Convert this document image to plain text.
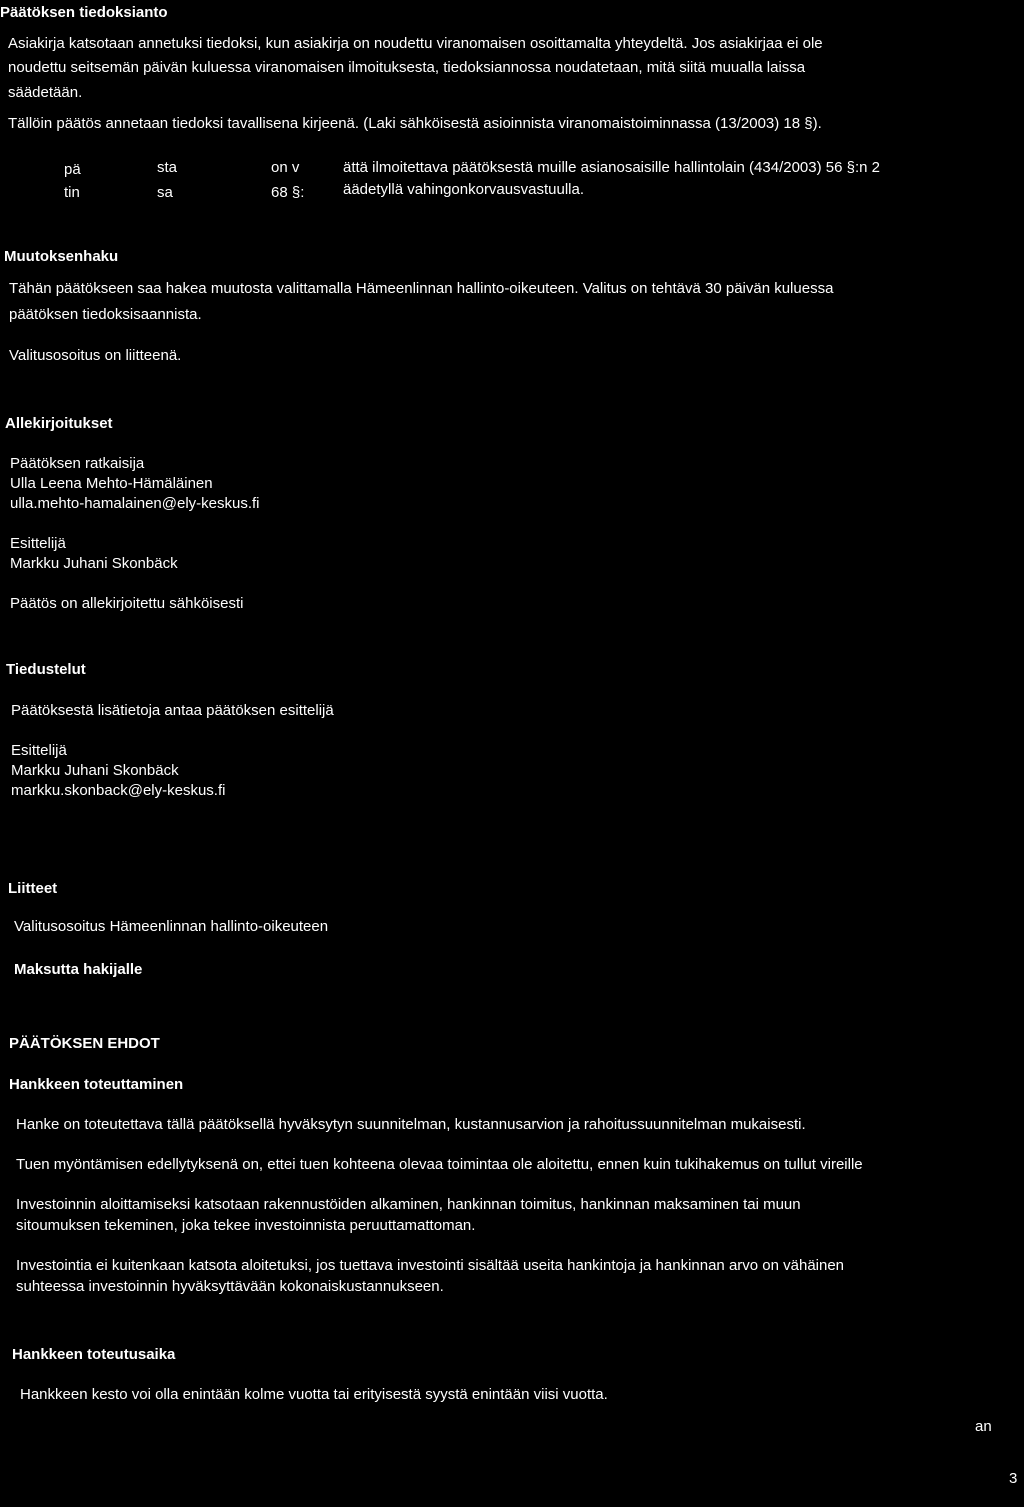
Päätöksen tiedoksianto
Asiakirja katsotaan annetuksi tiedoksi, kun asiakirja on noudettu viranomaisen osoittamalta yhteydeltä. Jos asiakirjaa ei ole
noudettu seitsemän päivän kuluessa viranomaisen ilmoituksesta, tiedoksiannossa noudatetaan, mitä siitä muualla laissa
säädetään.
Tällöin päätös annetaan tiedoksi tavallisena kirjeenä. (Laki sähköisestä asioinnista viranomaistoiminnassa (13/2003) 18 §).
pä	sta	on v	ättä ilmoitettava päätöksestä muille asianosaisille hallintolain (434/2003) 56 §:n 2
tin	sa	68 §:	äädetyllä vahingonkorvausvastuulla.
Muutoksenhaku
Tähän päätökseen saa hakea muutosta valittamalla Hämeenlinnan hallinto-oikeuteen. Valitus on tehtävä 30 päivän kuluessa
päätöksen tiedoksisaannista.
Valitusosoitus on liitteenä.
Allekirjoitukset
Päätöksen ratkaisija
Ulla Leena Mehto-Hämäläinen
ulla.mehto-hamalainen@ely-keskus.fi
Esittelijä
Markku Juhani Skonbäck
Päätös on allekirjoitettu sähköisesti
Tiedustelut
Päätöksestä lisätietoja antaa päätöksen esittelijä
Esittelijä
Markku Juhani Skonbäck
markku.skonback@ely-keskus.fi
Liitteet
Valitusosoitus Hämeenlinnan hallinto-oikeuteen
Maksutta hakijalle
PÄÄTÖKSEN EHDOT
Hankkeen toteuttaminen
Hanke on toteutettava tällä päätöksellä hyväksytyn suunnitelman, kustannusarvion ja rahoitussuunnitelman mukaisesti.
Tuen myöntämisen edellytyksenä on, ettei tuen kohteena olevaa toimintaa ole aloitettu, ennen kuin tukihakemus on tullut vireille
Investoinnin aloittamiseksi katsotaan rakennustöiden alkaminen, hankinnan toimitus, hankinnan maksaminen tai muun
sitoumuksen tekeminen, joka tekee investoinnista peruuttamattoman.
Investointia ei kuitenkaan katsota aloitetuksi, jos tuettava investointi sisältää useita hankintoja ja hankinnan arvo on vähäinen
suhteessa investoinnin hyväksyttävään kokonaiskustannukseen.
Hankkeen toteutusaika
Hankkeen kesto voi olla enintään kolme vuotta tai erityisestä syystä enintään viisi vuotta.
an
3
